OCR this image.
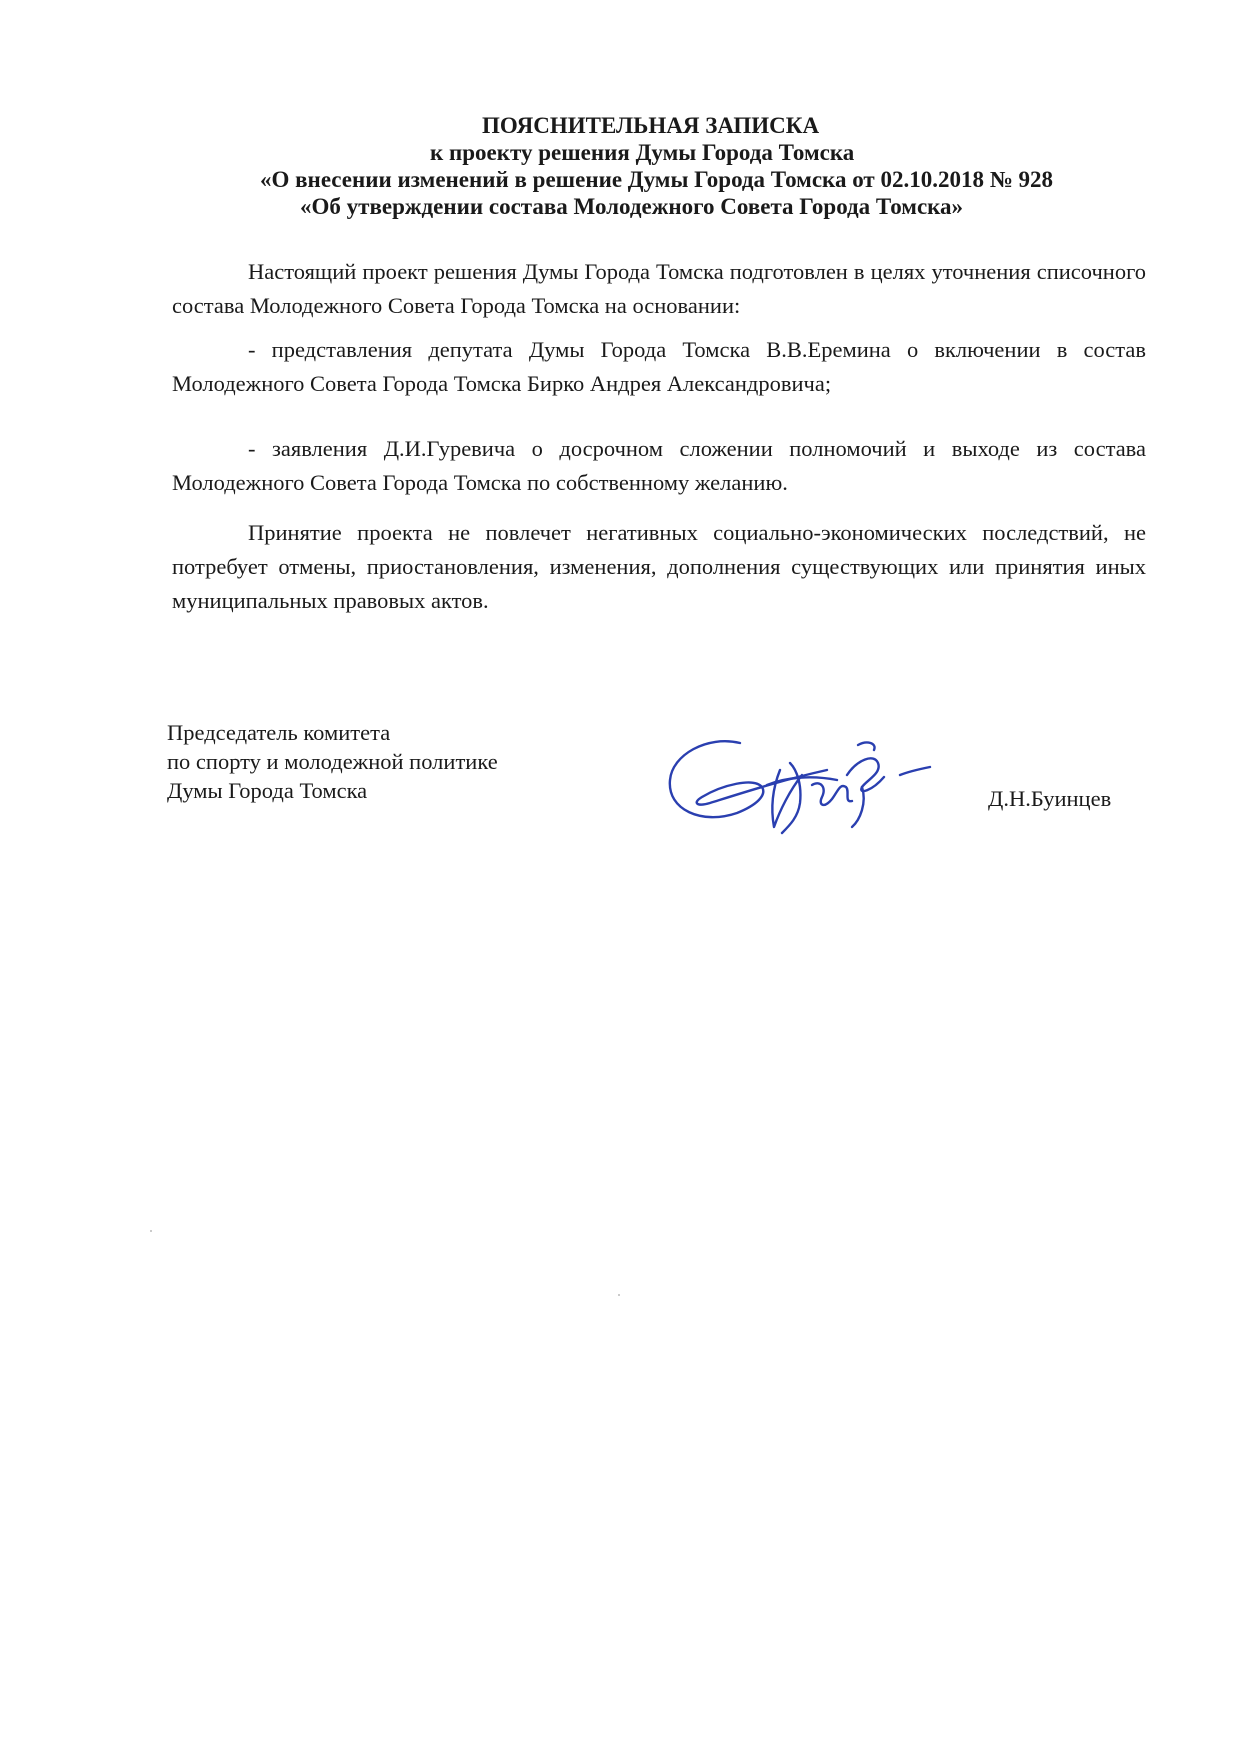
ПОЯСНИТЕЛЬНАЯ ЗАПИСКА
к проекту решения Думы Города Томска
«О внесении изменений в решение Думы Города Томска от 02.10.2018 № 928
«Об утверждении состава Молодежного Совета Города Томска»

Настоящий проект решения Думы Города Томска подготовлен в целях уточнения списочного состава Молодежного Совета Города Томска на основании:

- представления депутата Думы Города Томска В.В.Еремина о включении в состав Молодежного Совета Города Томска Бирко Андрея Александровича;

- заявления Д.И.Гуревича о досрочном сложении полномочий и выходе из состава Молодежного Совета Города Томска по собственному желанию.

Принятие проекта не повлечет негативных социально-экономических последствий, не потребует отмены, приостановления, изменения, дополнения существующих или принятия иных муниципальных правовых актов.

Председатель комитета
по спорту и молодежной политике
Думы Города Томска	Д.Н.Буинцев
